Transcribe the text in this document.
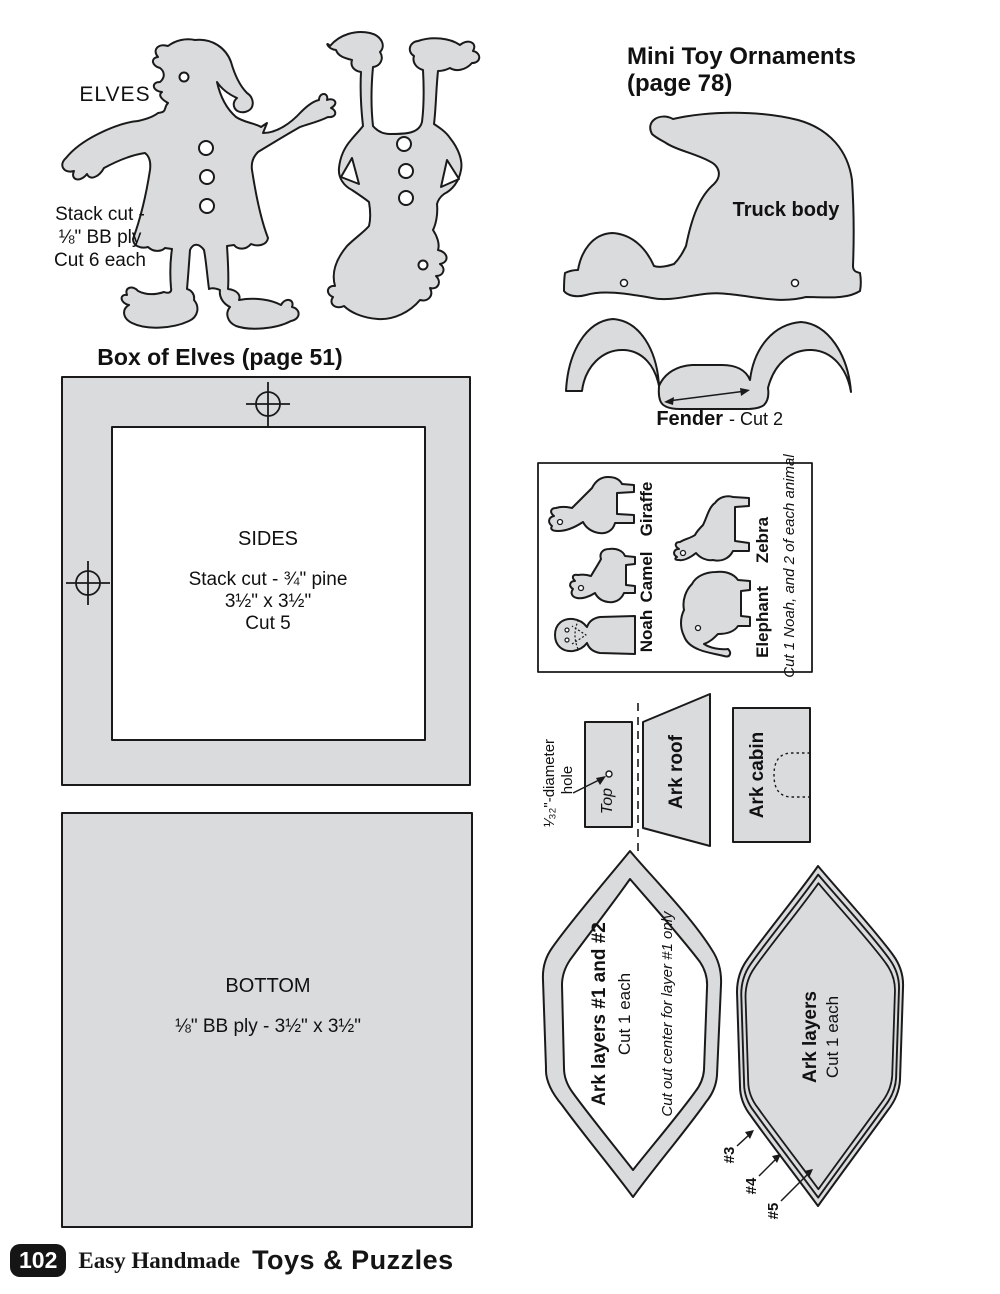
ELVES
Stack cut -
⅛" BB ply
Cut 6 each
Box of Elves (page 51)
SIDES
Stack cut - ¾" pine
3½" x 3½"
Cut 5
BOTTOM
⅛" BB ply - 3½" x 3½"
Mini Toy Ornaments
(page 78)
Truck body
Fender - Cut 2
Giraffe
Camel
Noah
Zebra
Elephant Cut 1 Noah, and 2 of each animal
¹⁄₃₂"-diameter hole
Top	Ark roof	Ark cabin
Ark layers #1 and #2 Cut 1 each Cut out center for layer #1 only	Ark layers Cut 1 each
#3
#4
#5
102 Easy Handmade Toys & Puzzles
